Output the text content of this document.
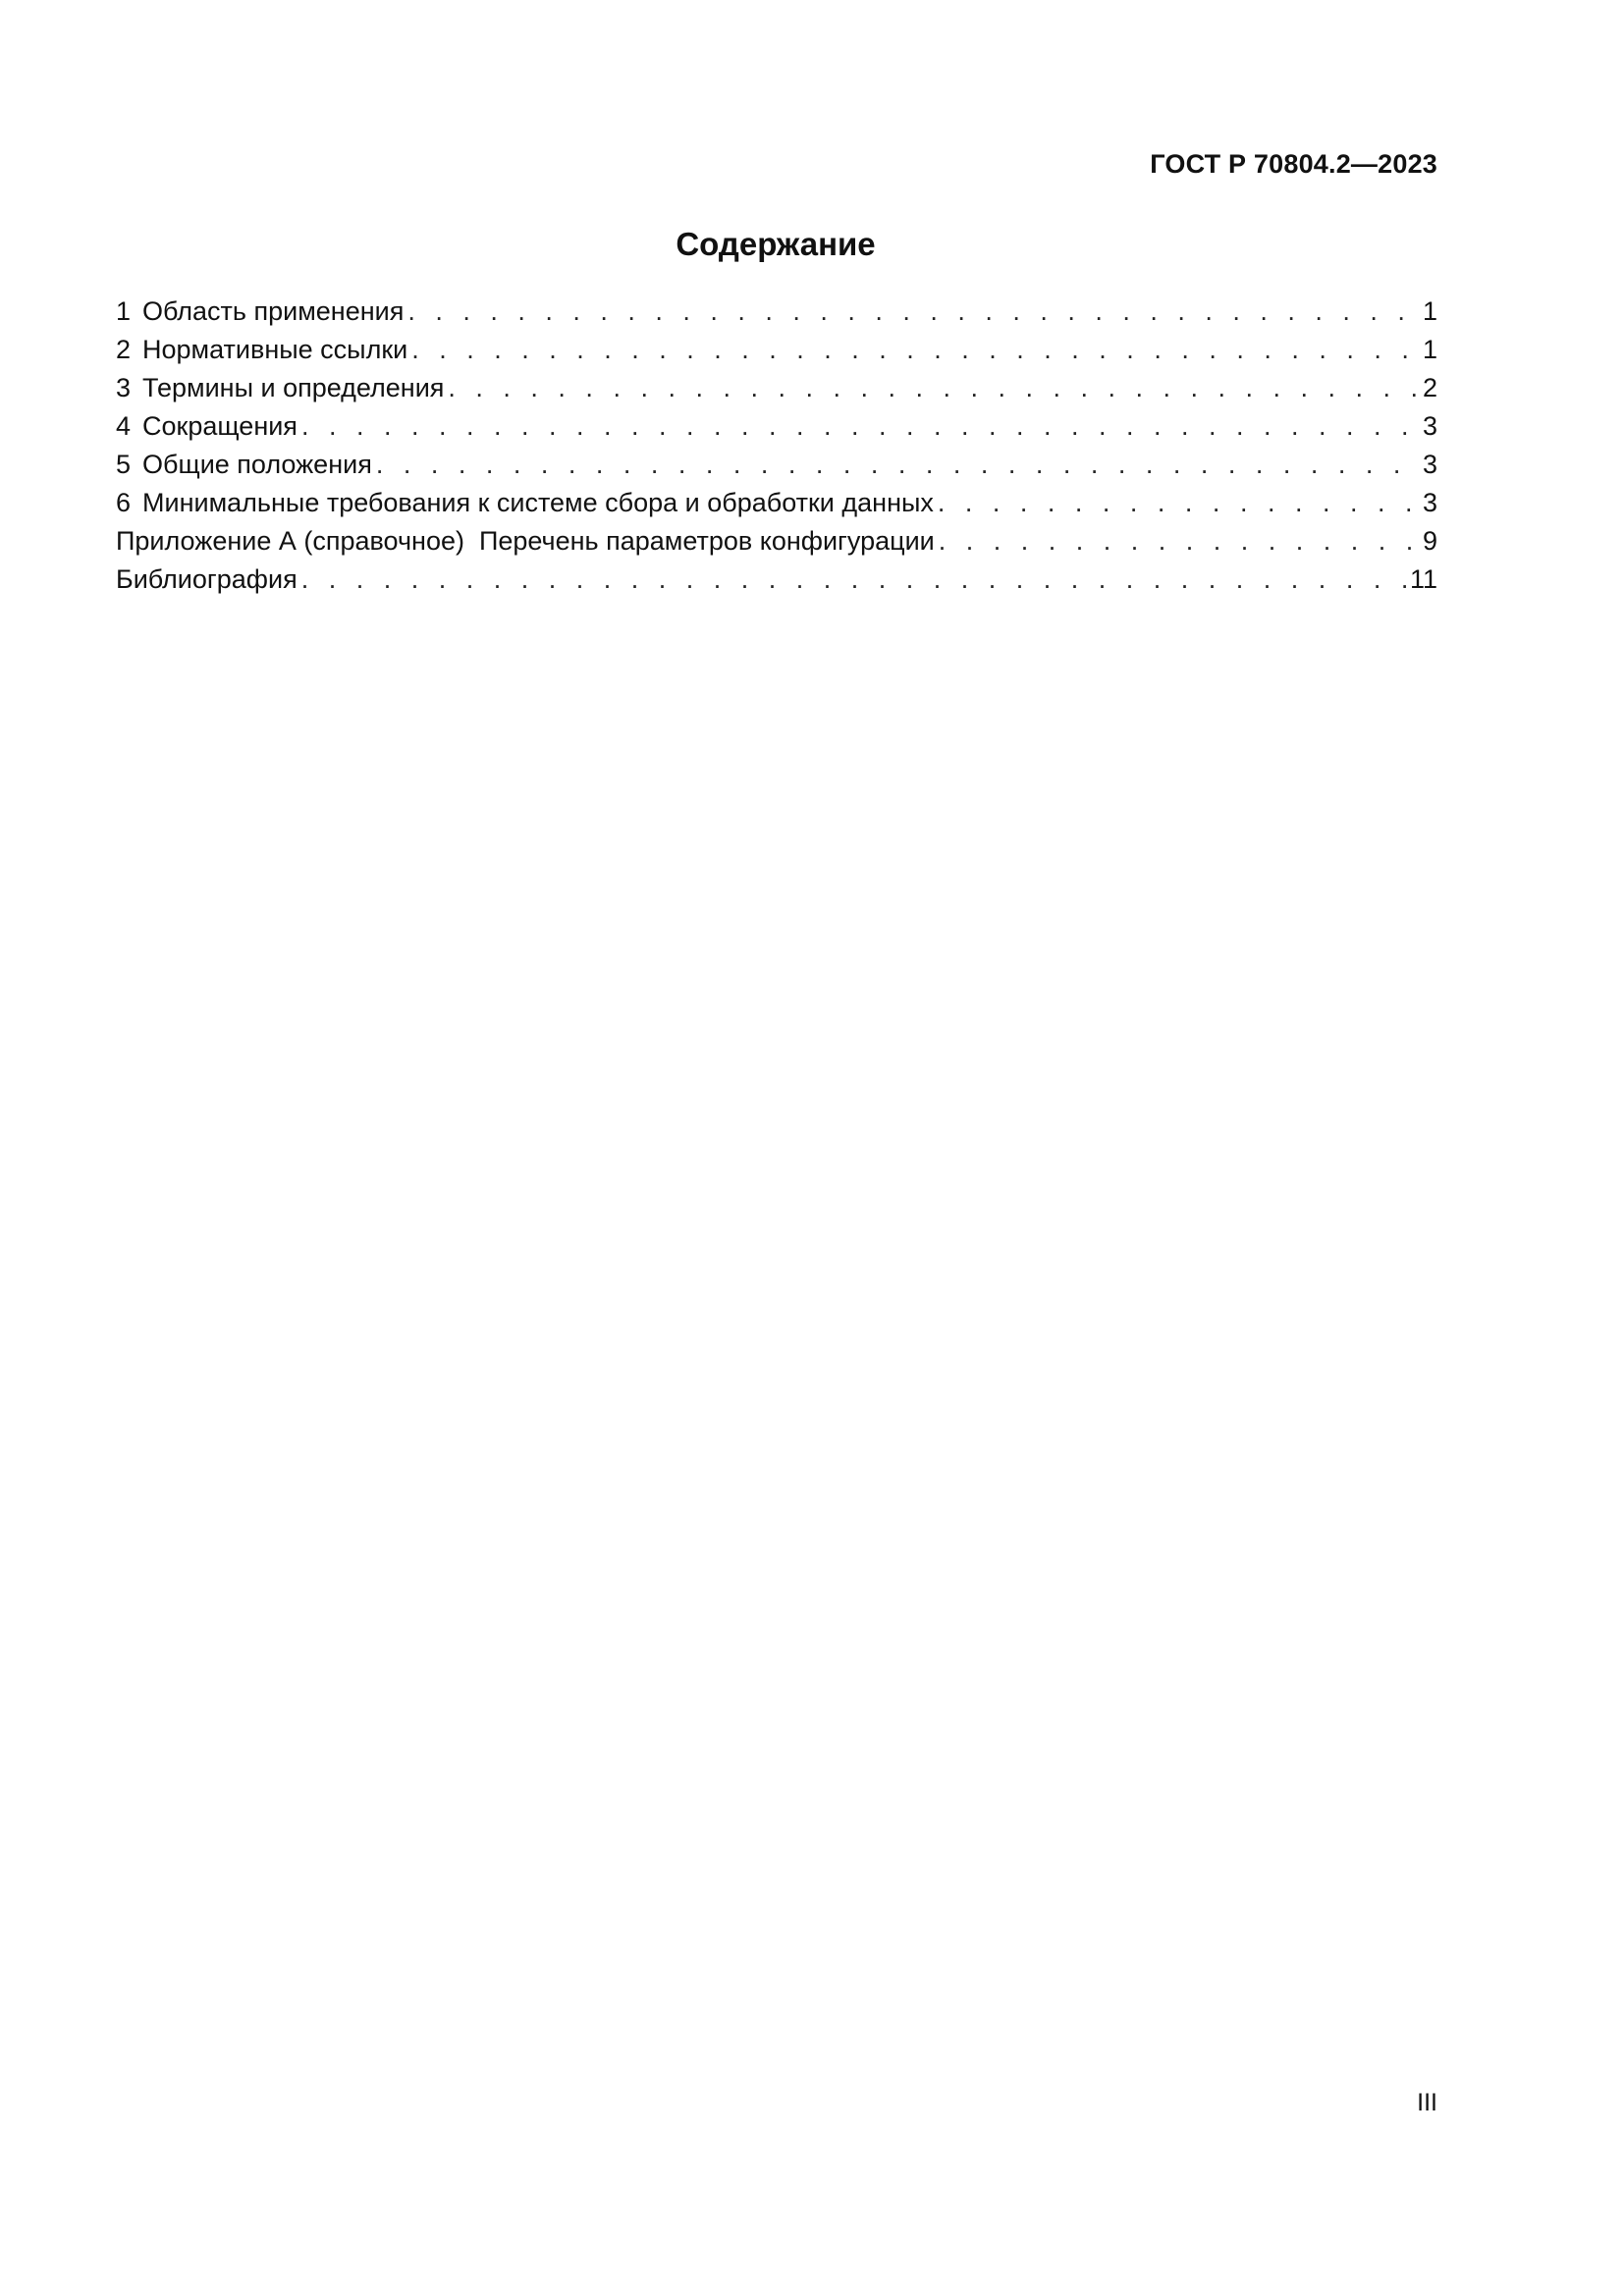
ГОСТ Р 70804.2—2023
Содержание
1 Область применения . . .	1
2 Нормативные ссылки . . .	1
3 Термины и определения . . .	2
4 Сокращения . . .	3
5 Общие положения . . .	3
6 Минимальные требования к системе сбора и обработки данных . . .	3
Приложение А (справочное)  Перечень параметров конфигурации . . .	9
Библиография . . .	11
III
